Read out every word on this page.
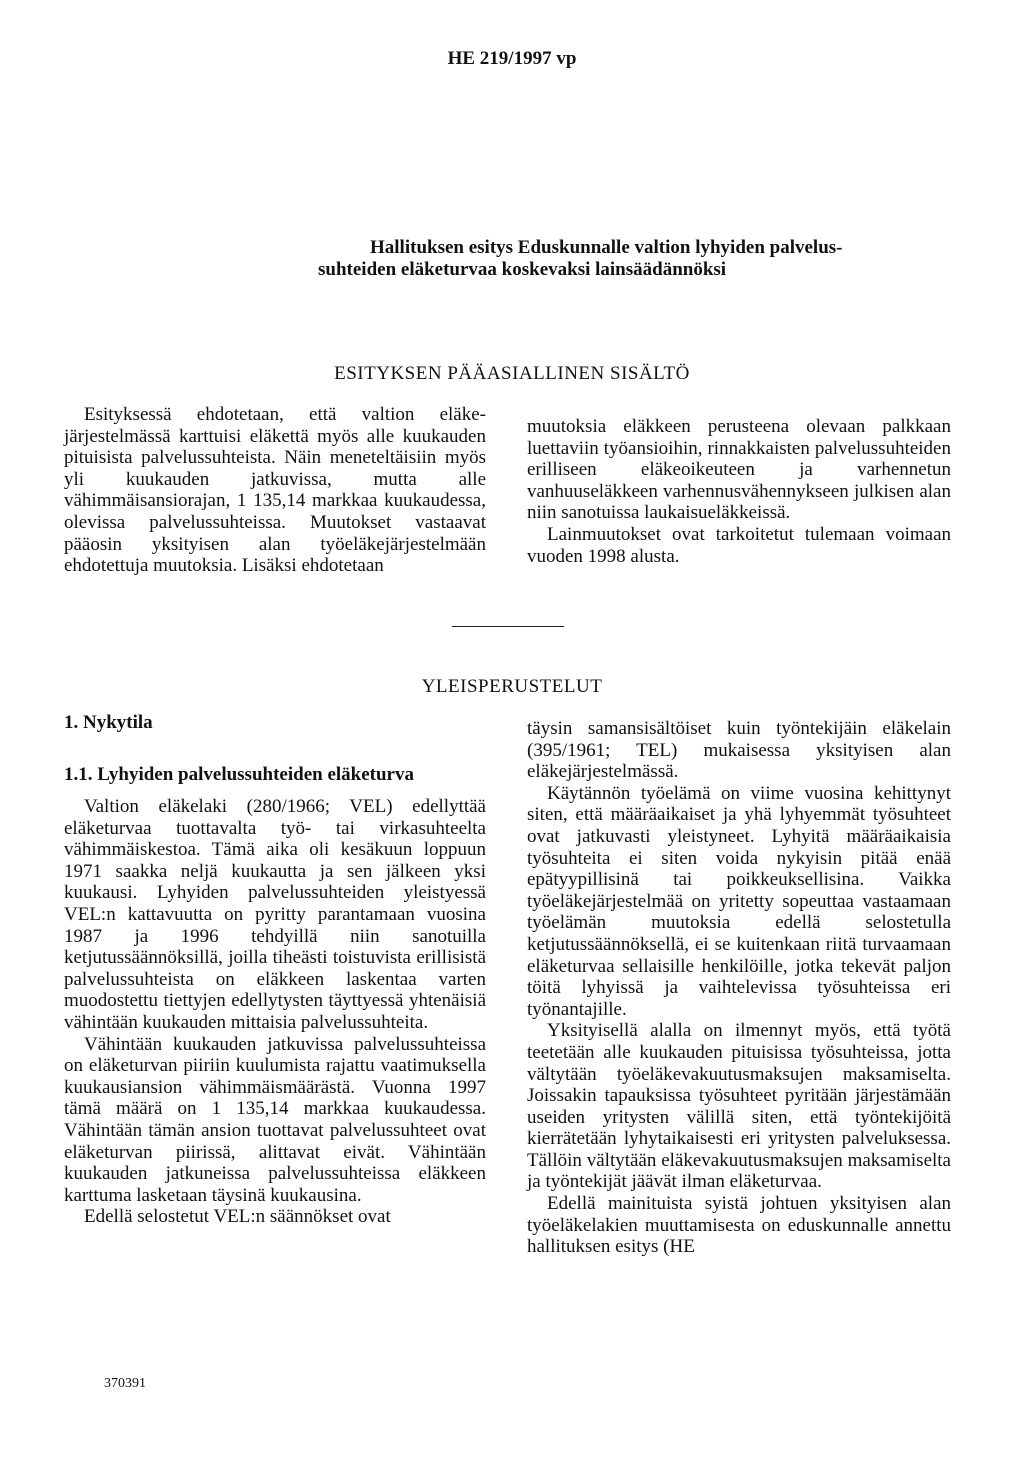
HE 219/1997 vp
Hallituksen esitys Eduskunnalle valtion lyhyiden palvelus-
suhteiden eläketurvaa koskevaksi lainsäädännöksi
ESITYKSEN PÄÄASIALLINEN SISÄLTÖ

Esityksessä ehdotetaan, että valtion eläke-järjestelmässä karttuisi eläkettä myös alle kuukauden pituisista palvelussuhteista. Näin meneteltäisiin myös yli kuukauden jatkuvissa, mutta alle vähimmäisansiorajan, 1 135,14 markkaa kuukaudessa, olevissa palvelussuhteissa. Muutokset vastaavat pääosin yksityisen alan työeläkejärjestelmään ehdotettuja muutoksia. Lisäksi ehdotetaan

muutoksia eläkkeen perusteena olevaan palkkaan luettaviin työansioihin, rinnakkaisten palvelussuhteiden erilliseen eläkeoikeuteen ja varhennetun vanhuuseläkkeen varhennusvähennykseen julkisen alan niin sanotuissa laukaisueläkkeissä.

Lainmuutokset ovat tarkoitetut tulemaan voimaan vuoden 1998 alusta.

YLEISPERUSTELUT
1. Nykytila
1.1. Lyhyiden palvelussuhteiden eläketurva

Valtion eläkelaki (280/1966; VEL) edellyttää eläketurvaa tuottavalta työ- tai virkasuhteelta vähimmäiskestoa. Tämä aika oli kesäkuun loppuun 1971 saakka neljä kuukautta ja sen jälkeen yksi kuukausi. Lyhyiden palvelussuhteiden yleistyessä VEL:n kattavuutta on pyritty parantamaan vuosina 1987 ja 1996 tehdyillä niin sanotuilla ketjutussäännöksillä, joilla tiheästi toistuvista erillisistä palvelussuhteista on eläkkeen laskentaa varten muodostettu tiettyjen edellytysten täyttyessä yhtenäisiä vähintään kuukauden mittaisia palvelussuhteita.

Vähintään kuukauden jatkuvissa palvelussuhteissa on eläketurvan piiriin kuulumista rajattu vaatimuksella kuukausiansion vähimmäismäärästä. Vuonna 1997 tämä määrä on 1 135,14 markkaa kuukaudessa. Vähintään tämän ansion tuottavat palvelussuhteet ovat eläketurvan piirissä, alittavat eivät. Vähintään kuukauden jatkuneissa palvelussuhteissa eläkkeen karttuma lasketaan täysinä kuukausina.

Edellä selostetut VEL:n säännökset ovat

täysin samansisältöiset kuin työntekijäin eläkelain (395/1961; TEL) mukaisessa yksityisen alan eläkejärjestelmässä.

Käytännön työelämä on viime vuosina kehittynyt siten, että määräaikaiset ja yhä lyhyemmät työsuhteet ovat jatkuvasti yleistyneet. Lyhyitä määräaikaisia työsuhteita ei siten voida nykyisin pitää enää epätyypillisinä tai poikkeuksellisina. Vaikka työeläkejärjestelmää on yritetty sopeuttaa vastaamaan työelämän muutoksia edellä selostetulla ketjutussäännöksellä, ei se kuitenkaan riitä turvaamaan eläketurvaa sellaisille henkilöille, jotka tekevät paljon töitä lyhyissä ja vaihtelevissa työsuhteissa eri työnantajille.

Yksityisellä alalla on ilmennyt myös, että työtä teetetään alle kuukauden pituisissa työsuhteissa, jotta vältytään työeläkevakuutusmaksujen maksamiselta. Joissakin tapauksissa työsuhteet pyritään järjestämään useiden yritysten välillä siten, että työntekijöitä kierrätetään lyhytaikaisesti eri yritysten palveluksessa. Tällöin vältytään eläkevakuutusmaksujen maksamiselta ja työntekijät jäävät ilman eläketurvaa.

Edellä mainituista syistä johtuen yksityisen alan työeläkelakien muuttamisesta on eduskunnalle annettu hallituksen esitys (HE

370391
